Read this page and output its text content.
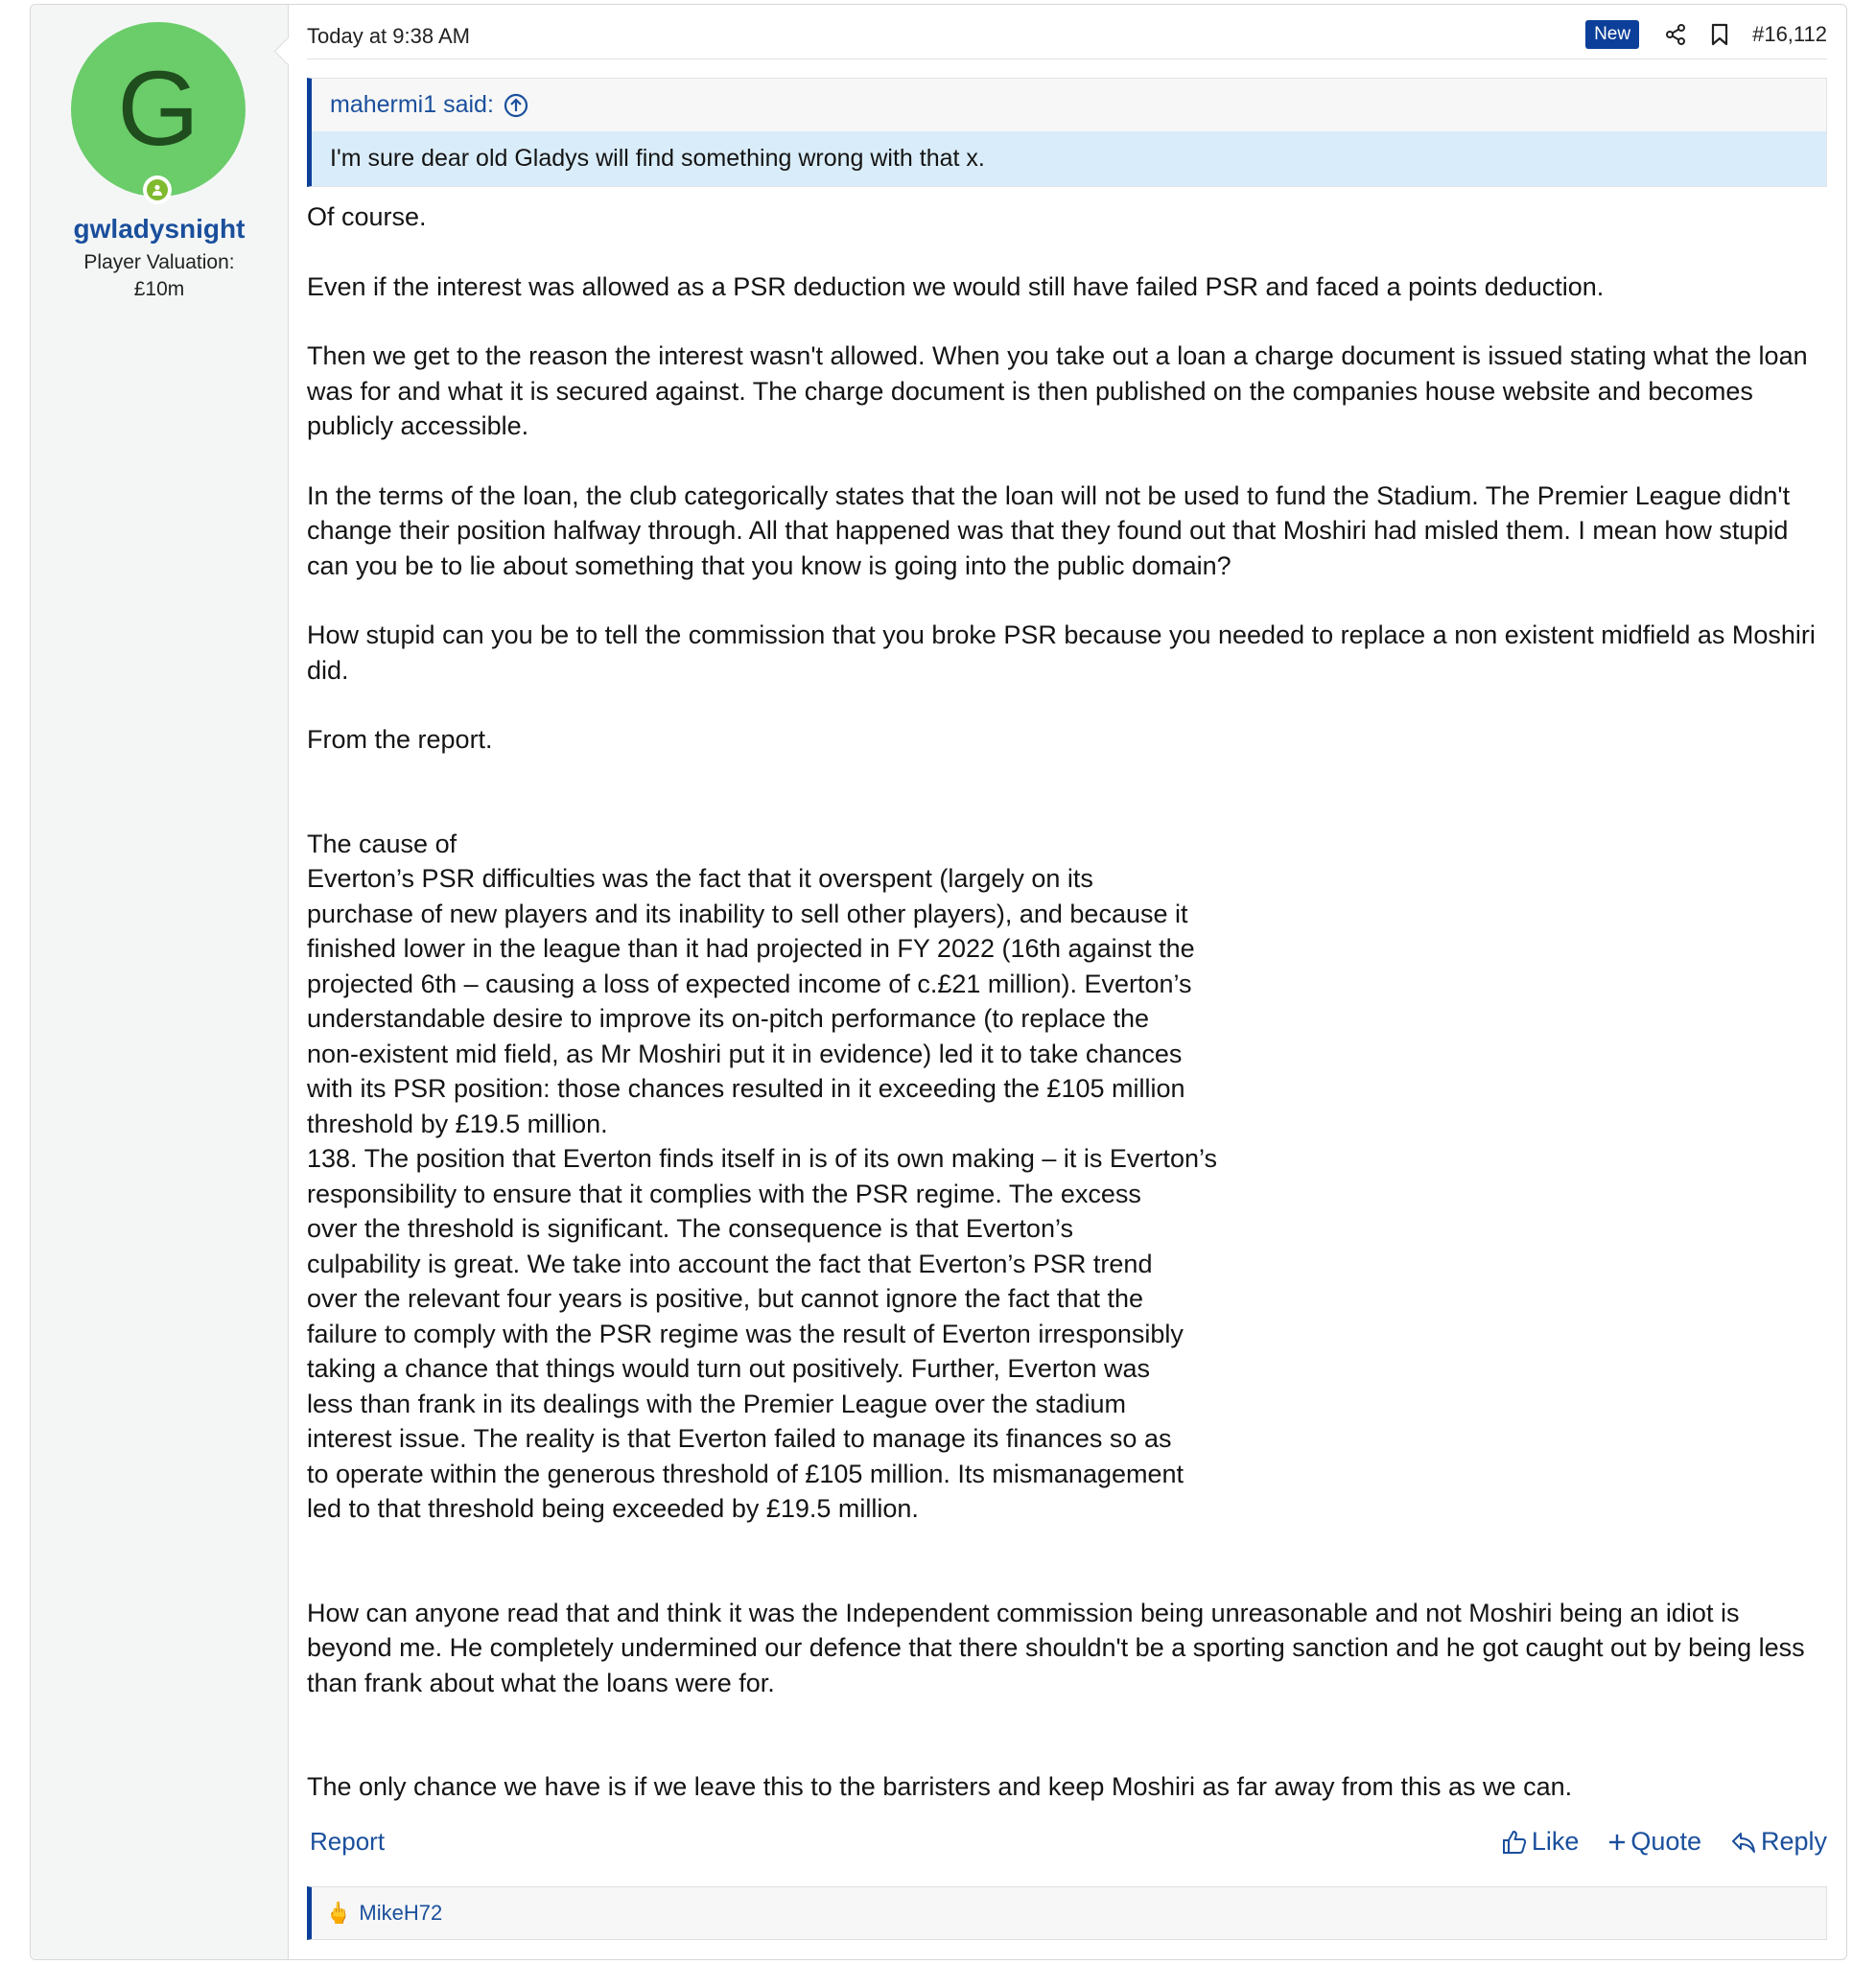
G
gwladysnight
Player Valuation:
£10m
Today at 9:38 AM	New	#16,112
mahermi1 said:
I'm sure dear old Gladys will find something wrong with that x.

Of course.

Even if the interest was allowed as a PSR deduction we would still have failed PSR and faced a points deduction.

Then we get to the reason the interest wasn't allowed. When you take out a loan a charge document is issued stating what the loan was for and what it is secured against. The charge document is then published on the companies house website and becomes publicly accessible.

In the terms of the loan, the club categorically states that the loan will not be used to fund the Stadium. The Premier League didn't change their position halfway through. All that happened was that they found out that Moshiri had misled them. I mean how stupid can you be to lie about something that you know is going into the public domain?

How stupid can you be to tell the commission that you broke PSR because you needed to replace a non existent midfield as Moshiri did.

From the report.

The cause of

Everton’s PSR difficulties was the fact that it overspent (largely on its

purchase of new players and its inability to sell other players), and because it

finished lower in the league than it had projected in FY 2022 (16th against the

projected 6th – causing a loss of expected income of c.£21 million). Everton’s

understandable desire to improve its on-pitch performance (to replace the

non-existent mid field, as Mr Moshiri put it in evidence) led it to take chances

with its PSR position: those chances resulted in it exceeding the £105 million

threshold by £19.5 million.

138. The position that Everton finds itself in is of its own making – it is Everton’s

responsibility to ensure that it complies with the PSR regime. The excess

over the threshold is significant. The consequence is that Everton’s

culpability is great. We take into account the fact that Everton’s PSR trend

over the relevant four years is positive, but cannot ignore the fact that the

failure to comply with the PSR regime was the result of Everton irresponsibly

taking a chance that things would turn out positively. Further, Everton was

less than frank in its dealings with the Premier League over the stadium

interest issue. The reality is that Everton failed to manage its finances so as

to operate within the generous threshold of £105 million. Its mismanagement

led to that threshold being exceeded by £19.5 million.

How can anyone read that and think it was the Independent commission being unreasonable and not Moshiri being an idiot is beyond me. He completely undermined our defence that there shouldn't be a sporting sanction and he got caught out by being less than frank about what the loans were for.

The only chance we have is if we leave this to the barristers and keep Moshiri as far away from this as we can.

Report	Like Quote Reply
🖕 MikeH72
